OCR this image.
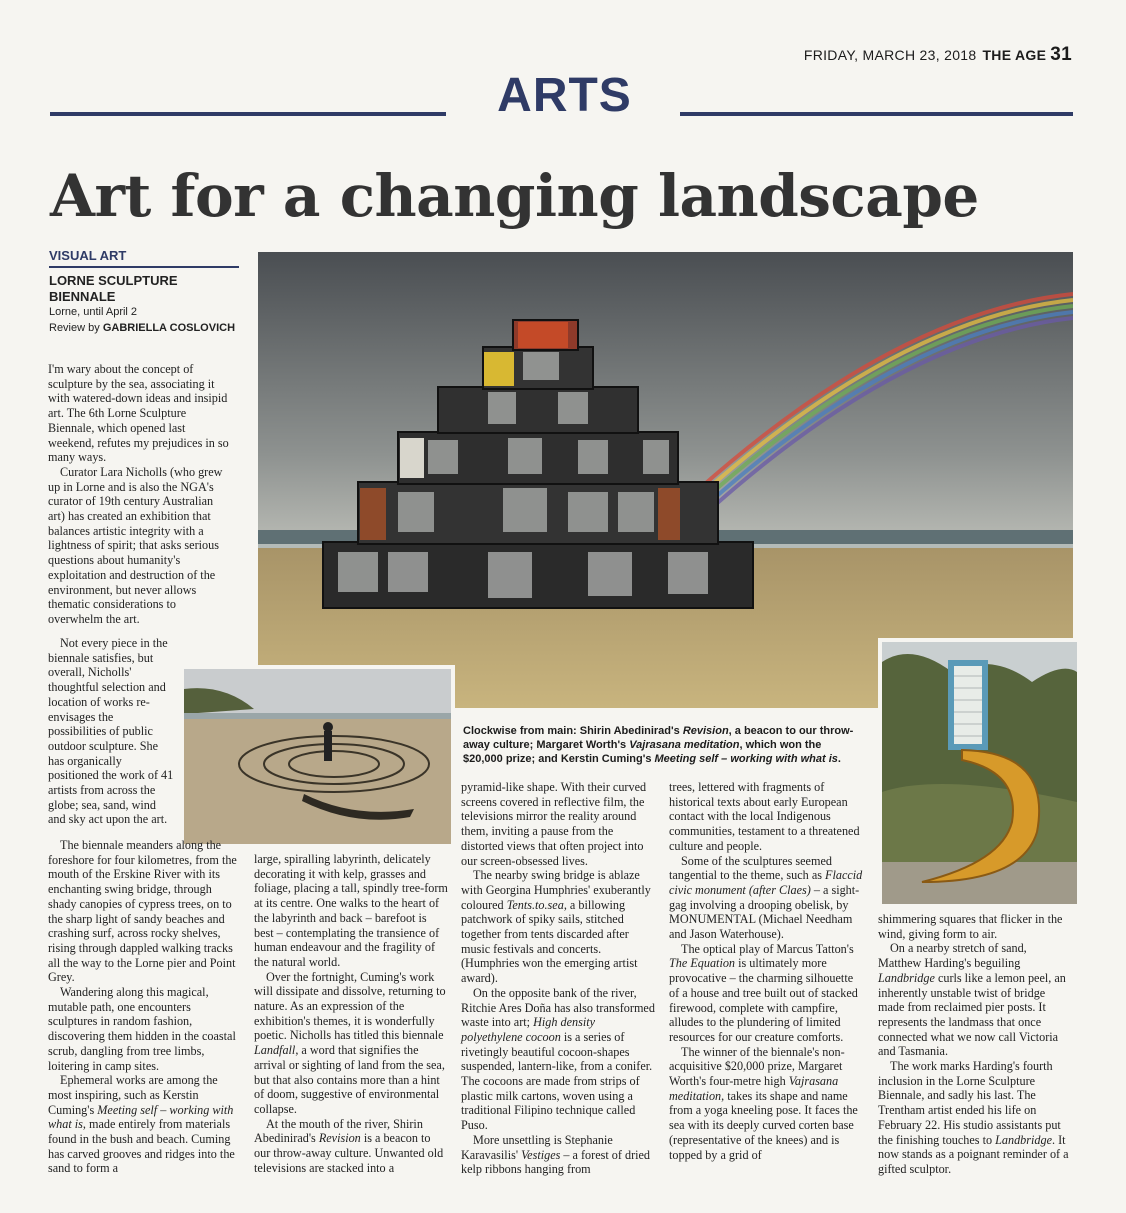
FRIDAY, MARCH 23, 2018 THE AGE 31
ARTS
Art for a changing landscape
VISUAL ART
LORNE SCULPTURE BIENNALE
Lorne, until April 2
Review by GABRIELLA COSLOVICH
Clockwise from main: Shirin Abedinirad's Revision, a beacon to our throw-away culture; Margaret Worth's Vajrasana meditation, which won the $20,000 prize; and Kerstin Cuming's Meeting self – working with what is.

I'm wary about the concept of sculpture by the sea, associating it with watered-down ideas and insipid art. The 6th Lorne Sculpture Biennale, which opened last weekend, refutes my prejudices in so many ways.

Curator Lara Nicholls (who grew up in Lorne and is also the NGA's curator of 19th century Australian art) has created an exhibition that balances artistic integrity with a lightness of spirit; that asks serious questions about humanity's exploitation and destruction of the environment, but never allows thematic considerations to overwhelm the art.

Not every piece in the biennale satisfies, but overall, Nicholls' thoughtful selection and location of works re-envisages the possibilities of public outdoor sculpture. She has organically positioned the work of 41 artists from across the globe; sea, sand, wind and sky act upon the art.

The biennale meanders along the foreshore for four kilometres, from the mouth of the Erskine River with its enchanting swing bridge, through shady canopies of cypress trees, on to the sharp light of sandy beaches and crashing surf, across rocky shelves, rising through dappled walking tracks all the way to the Lorne pier and Point Grey.

Wandering along this magical, mutable path, one encounters sculptures in random fashion, discovering them hidden in the coastal scrub, dangling from tree limbs, loitering in camp sites.

Ephemeral works are among the most inspiring, such as Kerstin Cuming's Meeting self – working with what is, made entirely from materials found in the bush and beach. Cuming has carved grooves and ridges into the sand to form a

large, spiralling labyrinth, delicately decorating it with kelp, grasses and foliage, placing a tall, spindly tree-form at its centre. One walks to the heart of the labyrinth and back – barefoot is best – contemplating the transience of human endeavour and the fragility of the natural world.

Over the fortnight, Cuming's work will dissipate and dissolve, returning to nature. As an expression of the exhibition's themes, it is wonderfully poetic. Nicholls has titled this biennale Landfall, a word that signifies the arrival or sighting of land from the sea, but that also contains more than a hint of doom, suggestive of environmental collapse.

At the mouth of the river, Shirin Abedinirad's Revision is a beacon to our throw-away culture. Unwanted old televisions are stacked into a

pyramid-like shape. With their curved screens covered in reflective film, the televisions mirror the reality around them, inviting a pause from the distorted views that often project into our screen-obsessed lives.

The nearby swing bridge is ablaze with Georgina Humphries' exuberantly coloured Tents.to.sea, a billowing patchwork of spiky sails, stitched together from tents discarded after music festivals and concerts. (Humphries won the emerging artist award).

On the opposite bank of the river, Ritchie Ares Doña has also transformed waste into art; High density polyethylene cocoon is a series of rivetingly beautiful cocoon-shapes suspended, lantern-like, from a conifer. The cocoons are made from strips of plastic milk cartons, woven using a traditional Filipino technique called Puso.

More unsettling is Stephanie Karavasilis' Vestiges – a forest of dried kelp ribbons hanging from

trees, lettered with fragments of historical texts about early European contact with the local Indigenous communities, testament to a threatened culture and people.

Some of the sculptures seemed tangential to the theme, such as Flaccid civic monument (after Claes) – a sight-gag involving a drooping obelisk, by MONUMENTAL (Michael Needham and Jason Waterhouse).

The optical play of Marcus Tatton's The Equation is ultimately more provocative – the charming silhouette of a house and tree built out of stacked firewood, complete with campfire, alludes to the plundering of limited resources for our creature comforts.

The winner of the biennale's non-acquisitive $20,000 prize, Margaret Worth's four-metre high Vajrasana meditation, takes its shape and name from a yoga kneeling pose. It faces the sea with its deeply curved corten base (representative of the knees) and is topped by a grid of

shimmering squares that flicker in the wind, giving form to air.

On a nearby stretch of sand, Matthew Harding's beguiling Landbridge curls like a lemon peel, an inherently unstable twist of bridge made from reclaimed pier posts. It represents the landmass that once connected what we now call Victoria and Tasmania.

The work marks Harding's fourth inclusion in the Lorne Sculpture Biennale, and sadly his last. The Trentham artist ended his life on February 22. His studio assistants put the finishing touches to Landbridge. It now stands as a poignant reminder of a gifted sculptor.
